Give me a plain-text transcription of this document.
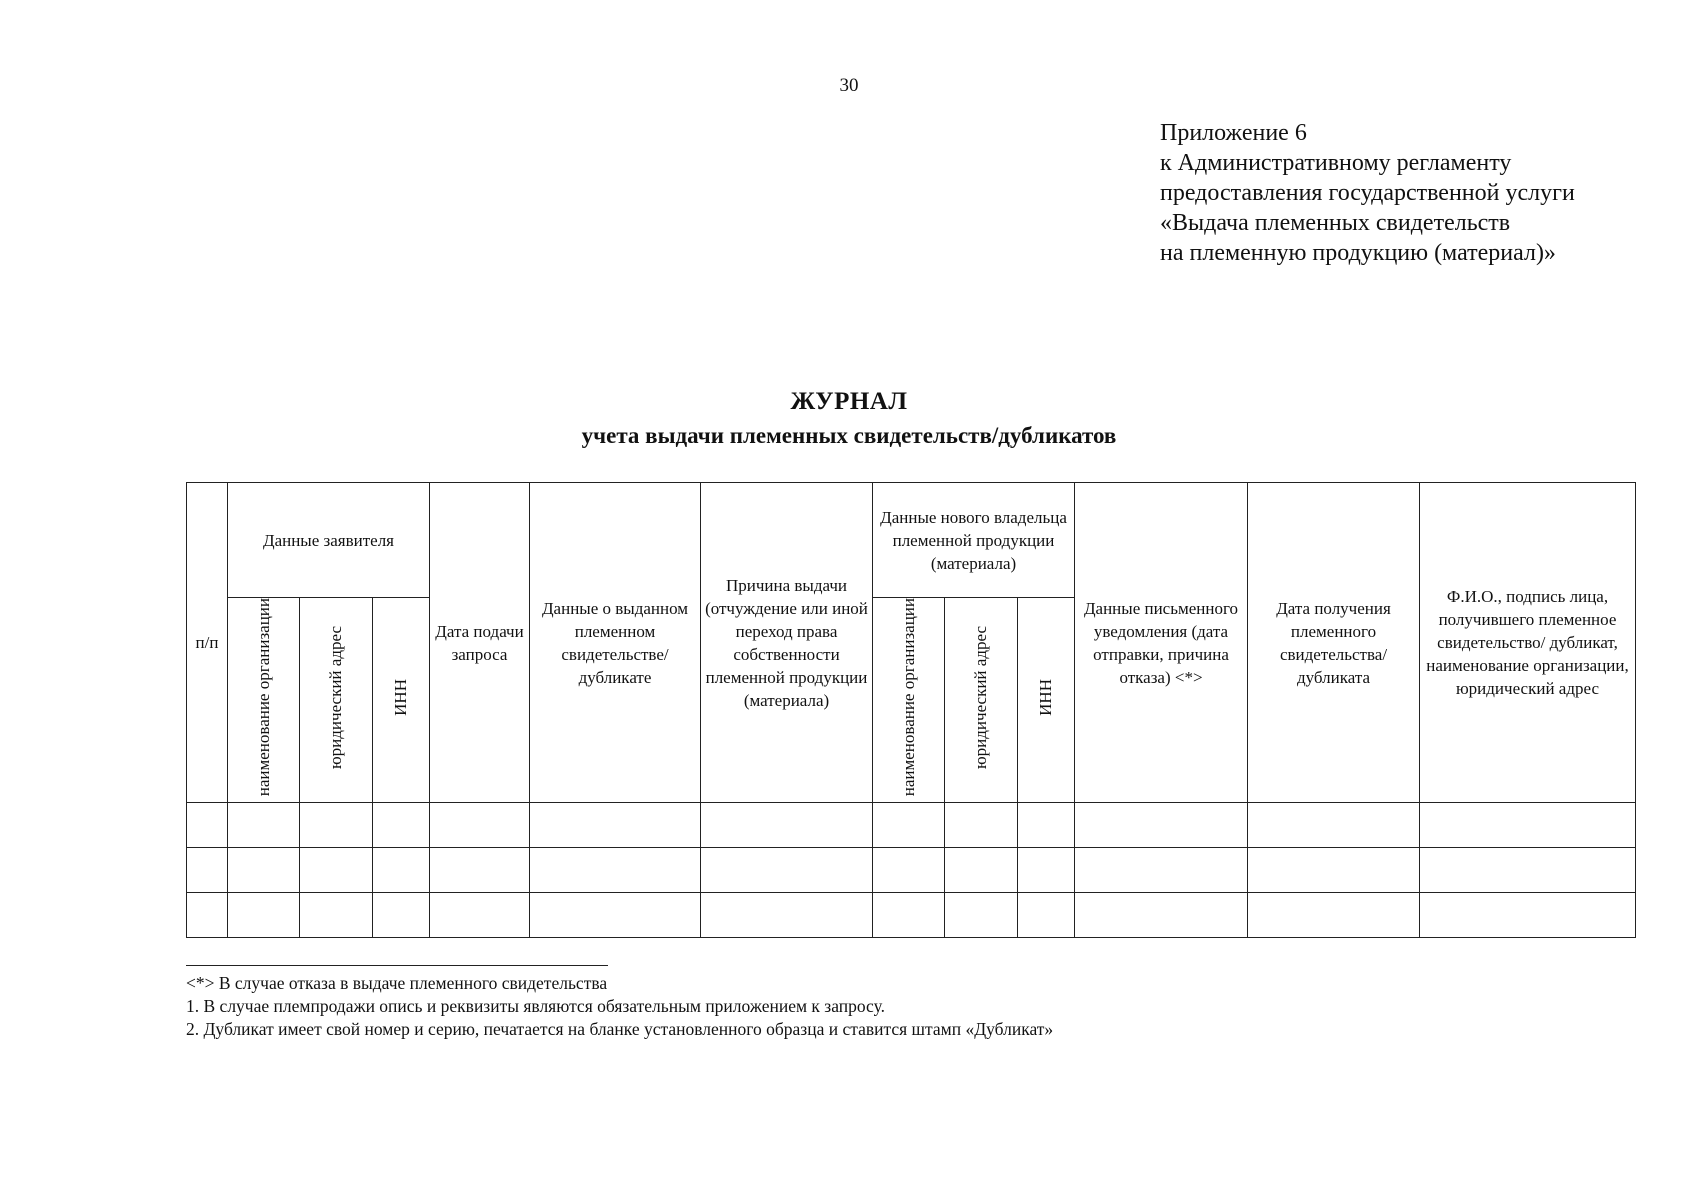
30
Приложение 6
к Административному регламенту
предоставления государственной услуги
«Выдача племенных свидетельств
на племенную продукцию (материал)»
ЖУРНАЛ
учета выдачи племенных свидетельств/дубликатов
п/п	Данные заявителя			Дата подачи запроса	Данные о выданном племенном свидетельстве/ дубликате	Причина выдачи (отчуждение или иной переход права собственности племенной продукции (материала)	Данные нового владельца племенной продукции (материала)			Данные письменного уведомления (дата отправки, причина отказа) <*>	Дата получения племенного свидетельства/ дубликата	Ф.И.О., подпись лица, получившего племенное свидетельство/ дубликат, наименование организации, юридический адрес
	наименование организации	юридический адрес	ИНН				наименование организации	юридический адрес	ИНН			

<*> В случае отказа в выдаче племенного свидетельства
1. В случае племпродажи опись и реквизиты являются обязательным приложением к запросу.
2. Дубликат имеет свой номер и серию, печатается на бланке установленного образца и ставится штамп «Дубликат»
